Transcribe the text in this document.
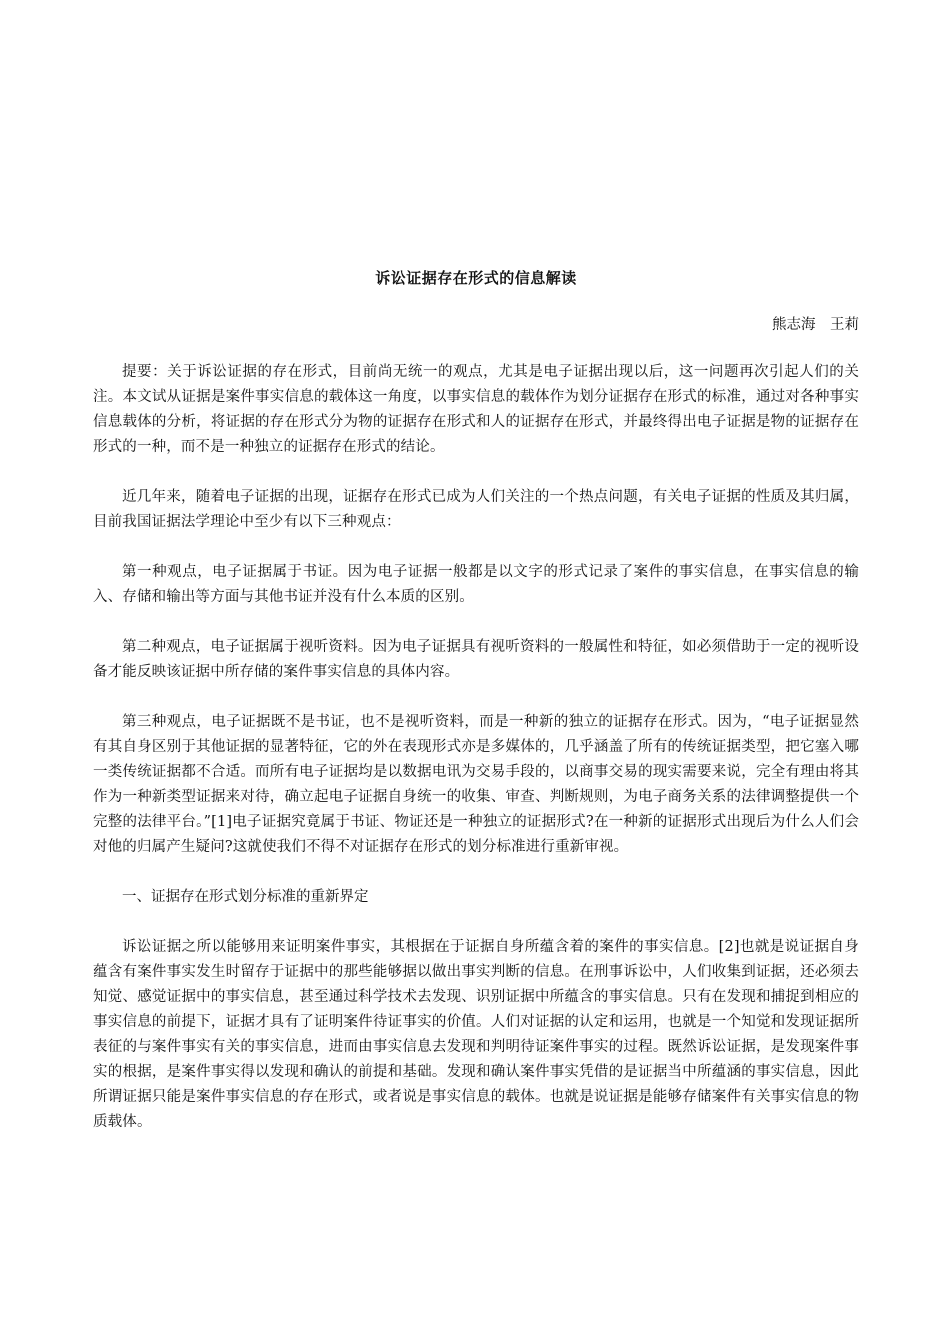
诉讼证据存在形式的信息解读
熊志海　王莉

提要：关于诉讼证据的存在形式，目前尚无统一的观点，尤其是电子证据出现以后，这一问题再次引起人们的关注。本文试从证据是案件事实信息的载体这一角度，以事实信息的载体作为划分证据存在形式的标准，通过对各种事实信息载体的分析，将证据的存在形式分为物的证据存在形式和人的证据存在形式，并最终得出电子证据是物的证据存在形式的一种，而不是一种独立的证据存在形式的结论。

近几年来，随着电子证据的出现，证据存在形式已成为人们关注的一个热点问题，有关电子证据的性质及其归属，目前我国证据法学理论中至少有以下三种观点：

第一种观点，电子证据属于书证。因为电子证据一般都是以文字的形式记录了案件的事实信息，在事实信息的输入、存储和输出等方面与其他书证并没有什么本质的区别。

第二种观点，电子证据属于视听资料。因为电子证据具有视听资料的一般属性和特征，如必须借助于一定的视听设备才能反映该证据中所存储的案件事实信息的具体内容。

第三种观点，电子证据既不是书证，也不是视听资料，而是一种新的独立的证据存在形式。因为，“电子证据显然有其自身区别于其他证据的显著特征，它的外在表现形式亦是多媒体的，几乎涵盖了所有的传统证据类型，把它塞入哪一类传统证据都不合适。而所有电子证据均是以数据电讯为交易手段的，以商事交易的现实需要来说，完全有理由将其作为一种新类型证据来对待，确立起电子证据自身统一的收集、审查、判断规则，为电子商务关系的法律调整提供一个完整的法律平台。”[1]电子证据究竟属于书证、物证还是一种独立的证据形式?在一种新的证据形式出现后为什么人们会对他的归属产生疑问?这就使我们不得不对证据存在形式的划分标准进行重新审视。

一、证据存在形式划分标准的重新界定

诉讼证据之所以能够用来证明案件事实，其根据在于证据自身所蕴含着的案件的事实信息。[2]也就是说证据自身蕴含有案件事实发生时留存于证据中的那些能够据以做出事实判断的信息。在刑事诉讼中，人们收集到证据，还必须去知觉、感觉证据中的事实信息，甚至通过科学技术去发现、识别证据中所蕴含的事实信息。只有在发现和捕捉到相应的事实信息的前提下，证据才具有了证明案件待证事实的价值。人们对证据的认定和运用，也就是一个知觉和发现证据所表征的与案件事实有关的事实信息，进而由事实信息去发现和判明待证案件事实的过程。既然诉讼证据，是发现案件事实的根据，是案件事实得以发现和确认的前提和基础。发现和确认案件事实凭借的是证据当中所蕴涵的事实信息，因此所谓证据只能是案件事实信息的存在形式，或者说是事实信息的载体。也就是说证据是能够存储案件有关事实信息的物质载体。
